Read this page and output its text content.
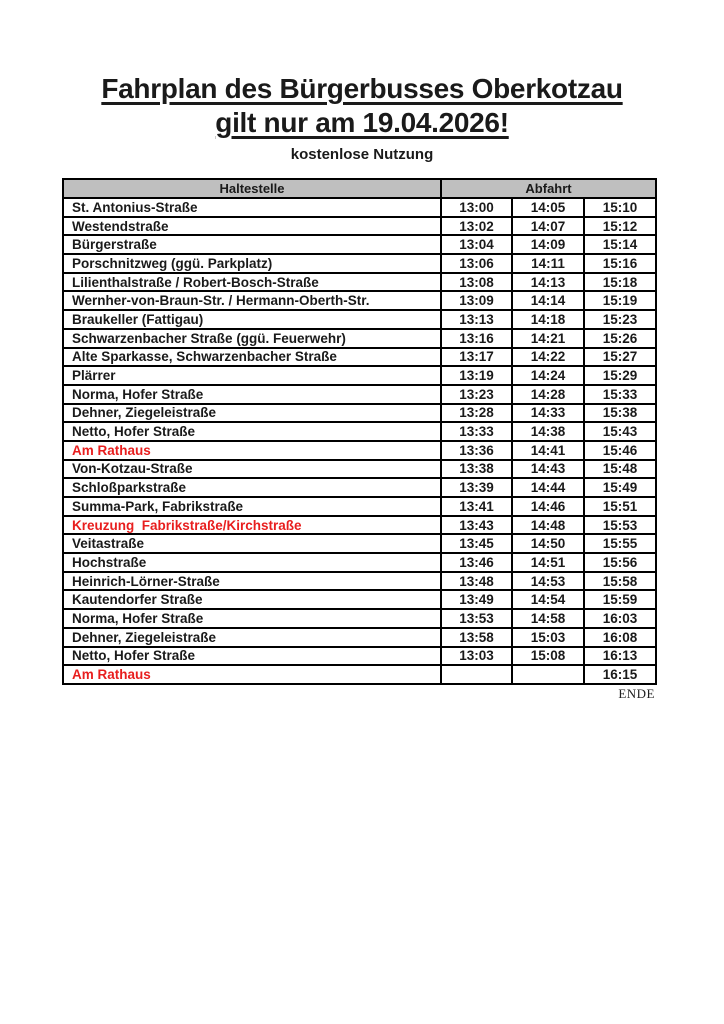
Fahrplan des Bürgerbusses Oberkotzau
gilt nur am 19.04.2026!
kostenlose Nutzung
Haltestelle	Abfahrt		
St. Antonius-Straße	13:00	14:05	15:10
Westendstraße	13:02	14:07	15:12
Bürgerstraße	13:04	14:09	15:14
Porschnitzweg (ggü. Parkplatz)	13:06	14:11	15:16
Lilienthalstraße / Robert-Bosch-Straße	13:08	14:13	15:18
Wernher-von-Braun-Str. / Hermann-Oberth-Str.	13:09	14:14	15:19
Braukeller (Fattigau)	13:13	14:18	15:23
Schwarzenbacher Straße (ggü. Feuerwehr)	13:16	14:21	15:26
Alte Sparkasse, Schwarzenbacher Straße	13:17	14:22	15:27
Plärrer	13:19	14:24	15:29
Norma, Hofer Straße	13:23	14:28	15:33
Dehner, Ziegeleistraße	13:28	14:33	15:38
Netto, Hofer Straße	13:33	14:38	15:43
Am Rathaus	13:36	14:41	15:46
Von-Kotzau-Straße	13:38	14:43	15:48
Schloßparkstraße	13:39	14:44	15:49
Summa-Park, Fabrikstraße	13:41	14:46	15:51
Kreuzung  Fabrikstraße/Kirchstraße	13:43	14:48	15:53
Veitastraße	13:45	14:50	15:55
Hochstraße	13:46	14:51	15:56
Heinrich-Lörner-Straße	13:48	14:53	15:58
Kautendorfer Straße	13:49	14:54	15:59
Norma, Hofer Straße	13:53	14:58	16:03
Dehner, Ziegeleistraße	13:58	15:03	16:08
Netto, Hofer Straße	13:03	15:08	16:13
Am Rathaus			16:15
ENDE
